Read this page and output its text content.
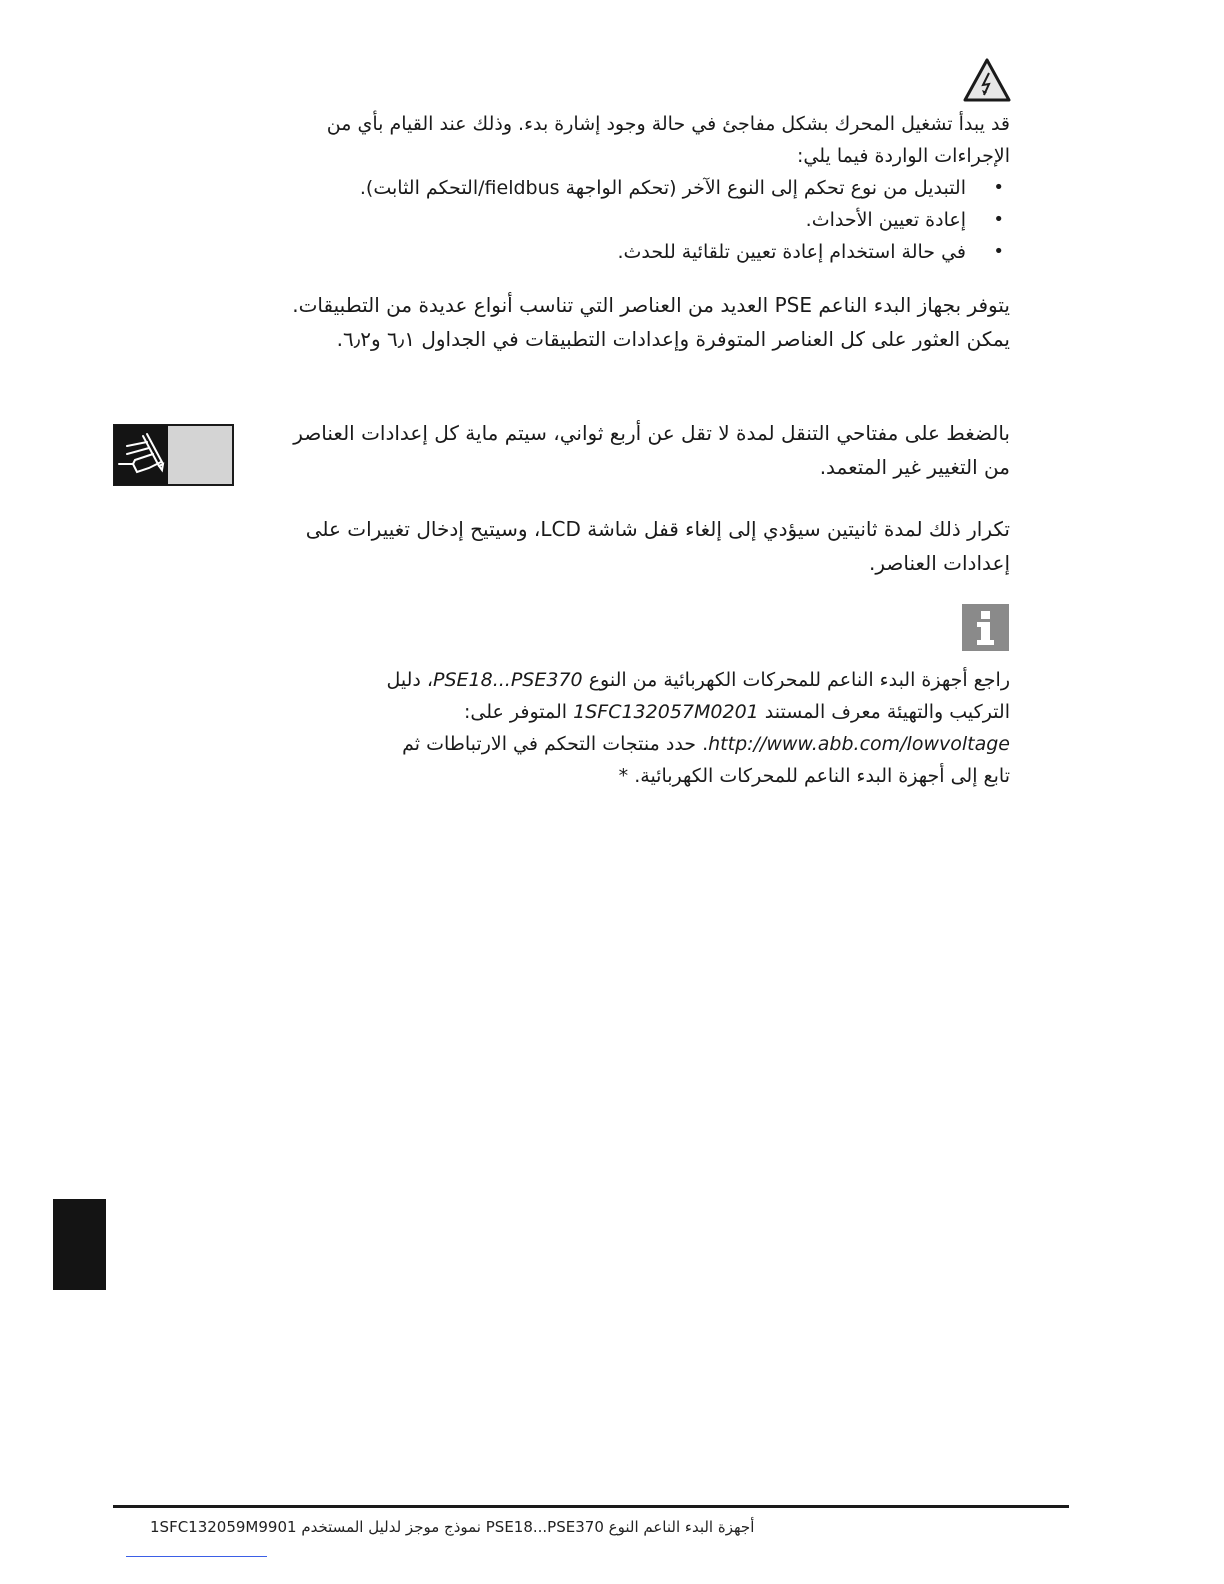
قد يبدأ تشغيل المحرك بشكل مفاجئ في حالة وجود إشارة بدء. وذلك عند القيام بأي من

الإجراءات الواردة فيما يلي:

• التبديل من نوع تحكم إلى النوع الآخر (تحكم الواجهة fieldbus/التحكم الثابت).
• إعادة تعيين الأحداث.
• في حالة استخدام إعادة تعيين تلقائية للحدث.

يتوفر بجهاز البدء الناعم PSE العديد من العناصر التي تناسب أنواع عديدة من التطبيقات.
يمكن العثور على كل العناصر المتوفرة وإعدادات التطبيقات في الجداول ٦٫١ و٦٫٢.

بالضغط على مفتاحي التنقل لمدة لا تقل عن أربع ثواني، سيتم ماية كل إعدادات العناصر
من التغيير غير المتعمد.

تكرار ذلك لمدة ثانيتين سيؤدي إلى إلغاء قفل شاشة LCD، وسيتيح إدخال تغييرات على
إعدادات العناصر.

راجع أجهزة البدء الناعم للمحركات الكهربائية من النوع PSE18...PSE370، دليل
التركيب والتهيئة معرف المستند 1SFC132057M0201 المتوفر على:
http://www.abb.com/lowvoltage. حدد منتجات التحكم في الارتباطات ثم
تابع إلى أجهزة البدء الناعم للمحركات الكهربائية. *

أجهزة البدء الناعم النوع PSE18...PSE370 نموذج موجز لدليل المستخدم 1SFC132059M9901
